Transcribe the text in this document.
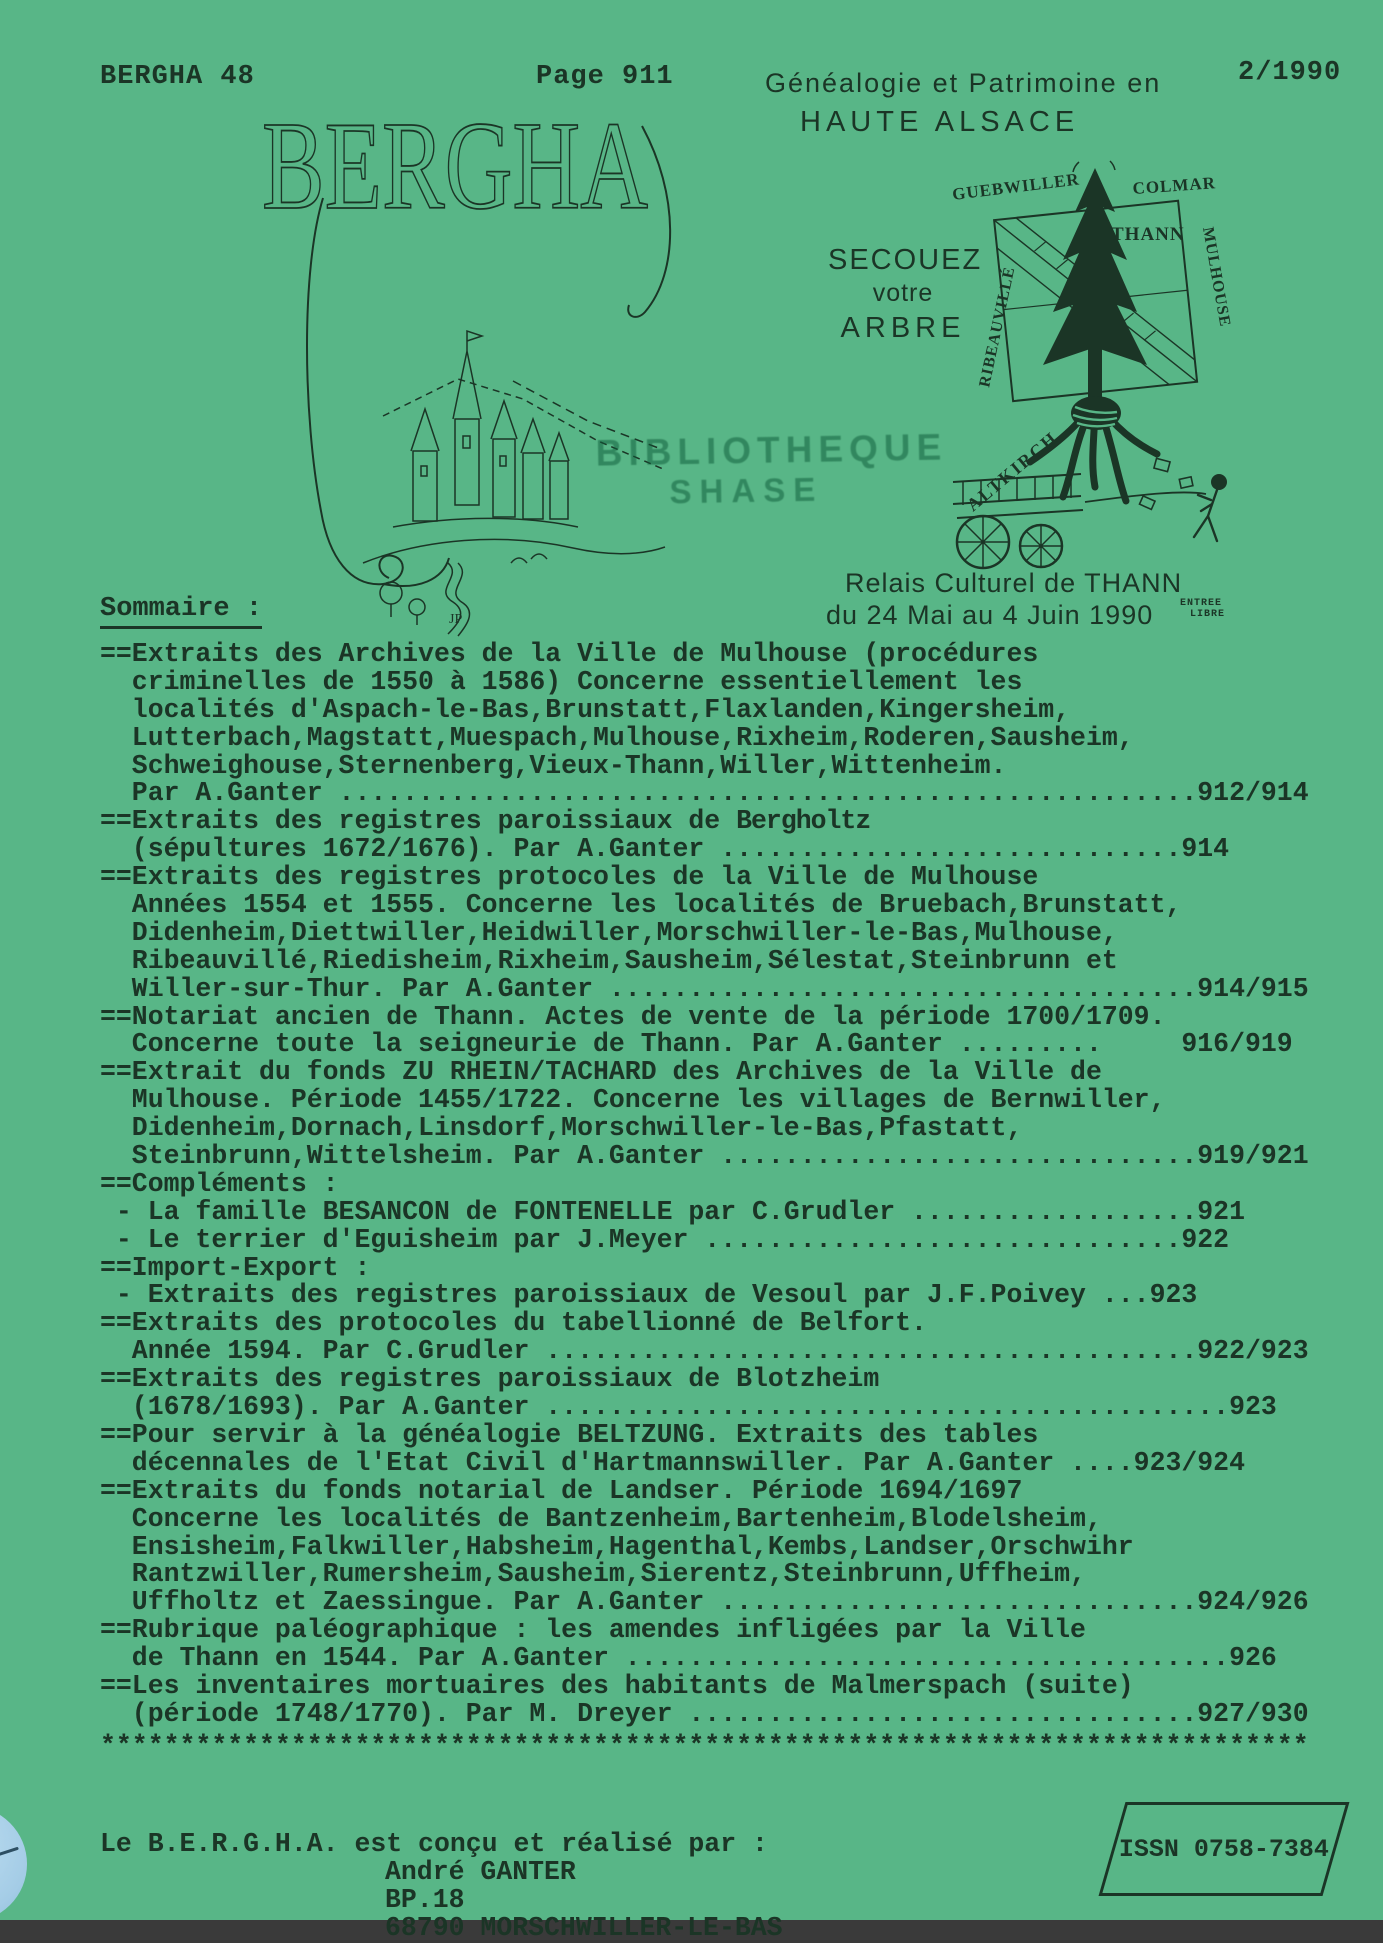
BERGHA 48	Page 911	2/1990
Généalogie et Patrimoine en
HAUTE ALSACE
BERGHA
JP
SECOUEZ
votre
ARBRE
GUEBWILLER	COLMAR
THANN MULHOUSE
RIBEAUVILLÉ
ALTKIRCH
BIBLIOTHEQUE
SHASE
Relais Culturel de THANN
du 24 Mai au 4 Juin 1990	ENTREE
LIBRE
Sommaire :
==Extraits des Archives de la Ville de Mulhouse (procédures
criminelles de 1550 à 1586) Concerne essentiellement les
localités d'Aspach-le-Bas,Brunstatt,Flaxlanden,Kingersheim,
Lutterbach,Magstatt,Muespach,Mulhouse,Rixheim,Roderen,Sausheim,
Schweighouse,Sternenberg,Vieux-Thann,Willer,Wittenheim.
Par A.Ganter ......................................................912/914
==Extraits des registres paroissiaux de Bergholtz
(sépultures 1672/1676). Par A.Ganter .............................914
==Extraits des registres protocoles de la Ville de Mulhouse
Années 1554 et 1555. Concerne les localités de Bruebach,Brunstatt,
Didenheim,Diettwiller,Heidwiller,Morschwiller-le-Bas,Mulhouse,
Ribeauvillé,Riedisheim,Rixheim,Sausheim,Sélestat,Steinbrunn et
Willer-sur-Thur. Par A.Ganter .....................................914/915
==Notariat ancien de Thann. Actes de vente de la période 1700/1709.
Concerne toute la seigneurie de Thann. Par A.Ganter .........     916/919
==Extrait du fonds ZU RHEIN/TACHARD des Archives de la Ville de
Mulhouse. Période 1455/1722. Concerne les villages de Bernwiller,
Didenheim,Dornach,Linsdorf,Morschwiller-le-Bas,Pfastatt,
Steinbrunn,Wittelsheim. Par A.Ganter ..............................919/921
==Compléments :
- La famille BESANCON de FONTENELLE par C.Grudler ..................921
- Le terrier d'Eguisheim par J.Meyer ..............................922
==Import-Export :
- Extraits des registres paroissiaux de Vesoul par J.F.Poivey ...923
==Extraits des protocoles du tabellionné de Belfort.
Année 1594. Par C.Grudler .........................................922/923
==Extraits des registres paroissiaux de Blotzheim
(1678/1693). Par A.Ganter ...........................................923
==Pour servir à la généalogie BELTZUNG. Extraits des tables
décennales de l'Etat Civil d'Hartmannswiller. Par A.Ganter ....923/924
==Extraits du fonds notarial de Landser. Période 1694/1697
Concerne les localités de Bantzenheim,Bartenheim,Blodelsheim,
Ensisheim,Falkwiller,Habsheim,Hagenthal,Kembs,Landser,Orschwihr
Rantzwiller,Rumersheim,Sausheim,Sierentz,Steinbrunn,Uffheim,
Uffholtz et Zaessingue. Par A.Ganter ..............................924/926
==Rubrique paléographique : les amendes infligées par la Ville
de Thann en 1544. Par A.Ganter ......................................926
==Les inventaires mortuaires des habitants de Malmerspach (suite)
(période 1748/1770). Par M. Dreyer ................................927/930
****************************************************************************
Le B.E.R.G.H.A. est conçu et réalisé par :
André GANTER
BP.18
68790 MORSCHWILLER-LE-BAS
ISSN 0758-7384
